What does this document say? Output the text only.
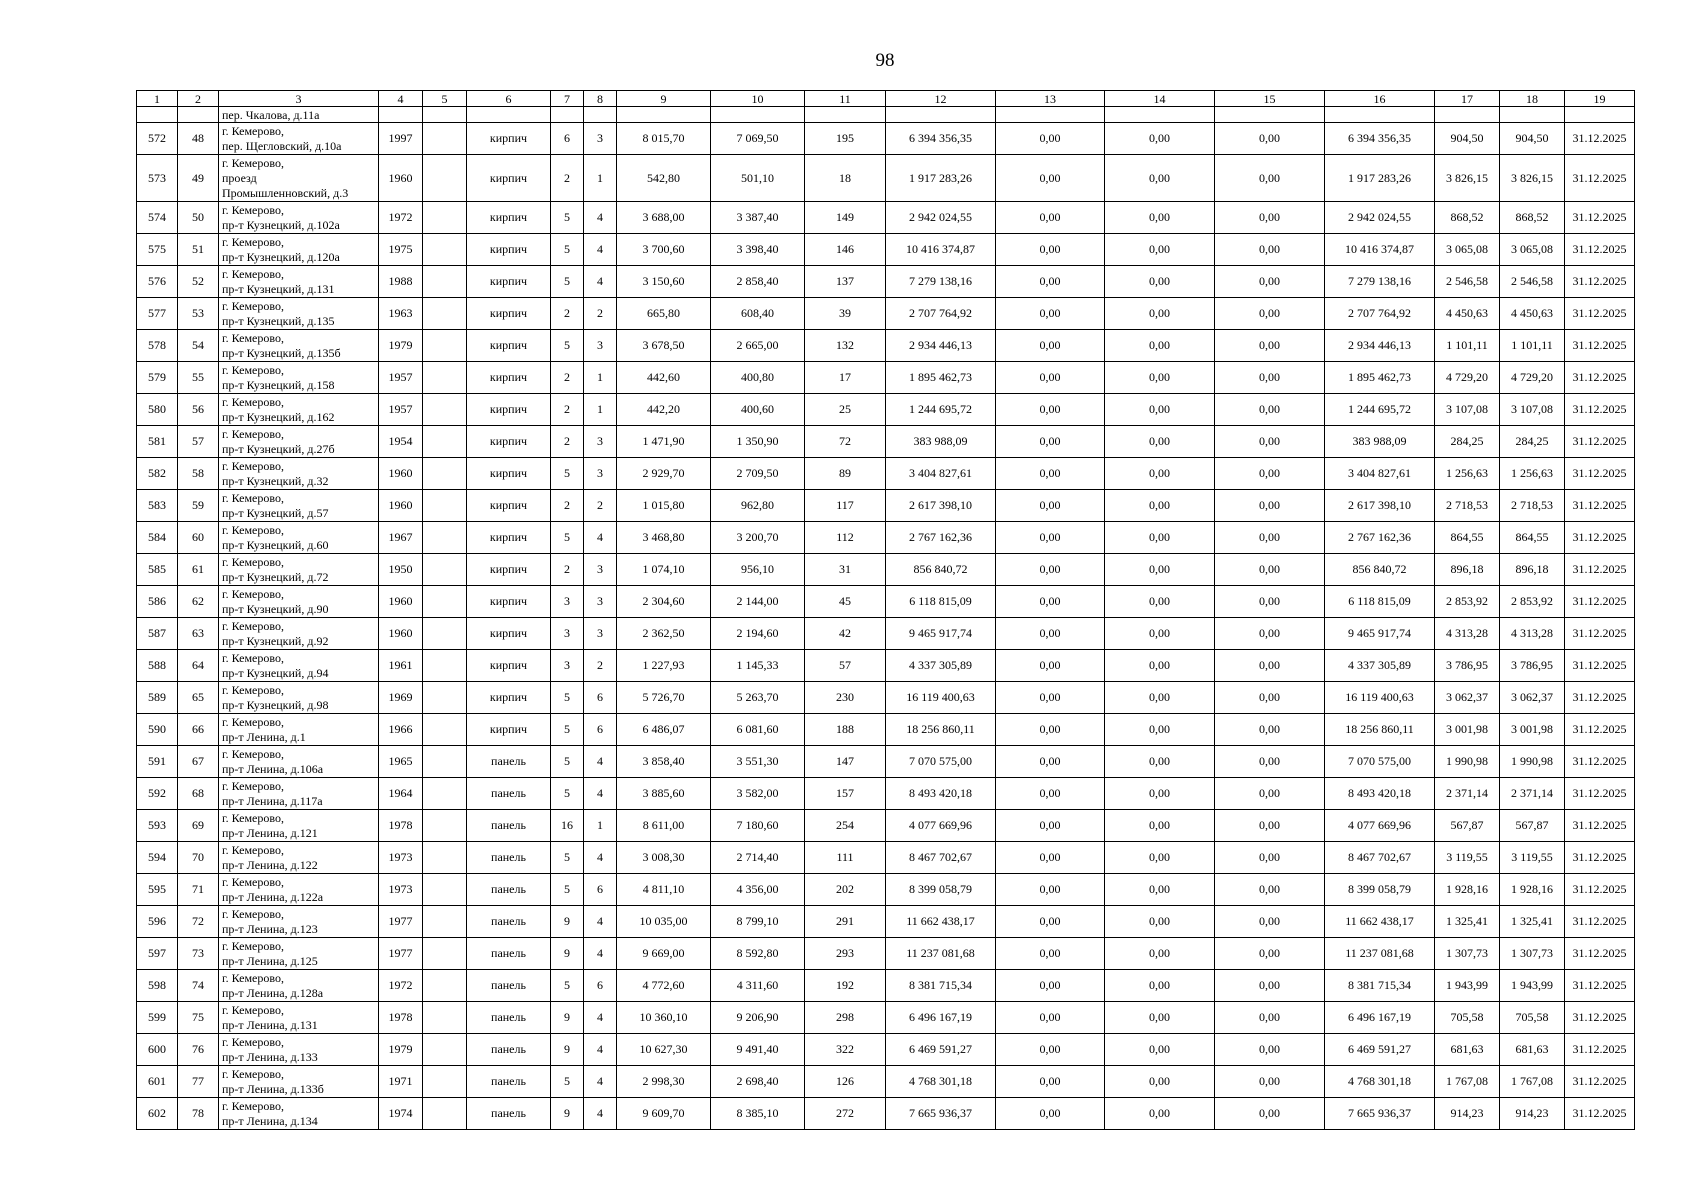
98
1	2	3	4	5	6	7	8	9	10	11	12	13	14	15	16	17	18	19
		пер. Чкалова, д.11а																
572	48	г. Кемерово,
пер. Щегловский, д.10а	1997		кирпич	6	3	8 015,70	7 069,50	195	6 394 356,35	0,00	0,00	0,00	6 394 356,35	904,50	904,50	31.12.2025
573	49	г. Кемерово,
проезд
Промышленновский, д.3	1960		кирпич	2	1	542,80	501,10	18	1 917 283,26	0,00	0,00	0,00	1 917 283,26	3 826,15	3 826,15	31.12.2025
574	50	г. Кемерово,
пр-т Кузнецкий, д.102а	1972		кирпич	5	4	3 688,00	3 387,40	149	2 942 024,55	0,00	0,00	0,00	2 942 024,55	868,52	868,52	31.12.2025
575	51	г. Кемерово,
пр-т Кузнецкий, д.120а	1975		кирпич	5	4	3 700,60	3 398,40	146	10 416 374,87	0,00	0,00	0,00	10 416 374,87	3 065,08	3 065,08	31.12.2025
576	52	г. Кемерово,
пр-т Кузнецкий, д.131	1988		кирпич	5	4	3 150,60	2 858,40	137	7 279 138,16	0,00	0,00	0,00	7 279 138,16	2 546,58	2 546,58	31.12.2025
577	53	г. Кемерово,
пр-т Кузнецкий, д.135	1963		кирпич	2	2	665,80	608,40	39	2 707 764,92	0,00	0,00	0,00	2 707 764,92	4 450,63	4 450,63	31.12.2025
578	54	г. Кемерово,
пр-т Кузнецкий, д.135б	1979		кирпич	5	3	3 678,50	2 665,00	132	2 934 446,13	0,00	0,00	0,00	2 934 446,13	1 101,11	1 101,11	31.12.2025
579	55	г. Кемерово,
пр-т Кузнецкий, д.158	1957		кирпич	2	1	442,60	400,80	17	1 895 462,73	0,00	0,00	0,00	1 895 462,73	4 729,20	4 729,20	31.12.2025
580	56	г. Кемерово,
пр-т Кузнецкий, д.162	1957		кирпич	2	1	442,20	400,60	25	1 244 695,72	0,00	0,00	0,00	1 244 695,72	3 107,08	3 107,08	31.12.2025
581	57	г. Кемерово,
пр-т Кузнецкий, д.27б	1954		кирпич	2	3	1 471,90	1 350,90	72	383 988,09	0,00	0,00	0,00	383 988,09	284,25	284,25	31.12.2025
582	58	г. Кемерово,
пр-т Кузнецкий, д.32	1960		кирпич	5	3	2 929,70	2 709,50	89	3 404 827,61	0,00	0,00	0,00	3 404 827,61	1 256,63	1 256,63	31.12.2025
583	59	г. Кемерово,
пр-т Кузнецкий, д.57	1960		кирпич	2	2	1 015,80	962,80	117	2 617 398,10	0,00	0,00	0,00	2 617 398,10	2 718,53	2 718,53	31.12.2025
584	60	г. Кемерово,
пр-т Кузнецкий, д.60	1967		кирпич	5	4	3 468,80	3 200,70	112	2 767 162,36	0,00	0,00	0,00	2 767 162,36	864,55	864,55	31.12.2025
585	61	г. Кемерово,
пр-т Кузнецкий, д.72	1950		кирпич	2	3	1 074,10	956,10	31	856 840,72	0,00	0,00	0,00	856 840,72	896,18	896,18	31.12.2025
586	62	г. Кемерово,
пр-т Кузнецкий, д.90	1960		кирпич	3	3	2 304,60	2 144,00	45	6 118 815,09	0,00	0,00	0,00	6 118 815,09	2 853,92	2 853,92	31.12.2025
587	63	г. Кемерово,
пр-т Кузнецкий, д.92	1960		кирпич	3	3	2 362,50	2 194,60	42	9 465 917,74	0,00	0,00	0,00	9 465 917,74	4 313,28	4 313,28	31.12.2025
588	64	г. Кемерово,
пр-т Кузнецкий, д.94	1961		кирпич	3	2	1 227,93	1 145,33	57	4 337 305,89	0,00	0,00	0,00	4 337 305,89	3 786,95	3 786,95	31.12.2025
589	65	г. Кемерово,
пр-т Кузнецкий, д.98	1969		кирпич	5	6	5 726,70	5 263,70	230	16 119 400,63	0,00	0,00	0,00	16 119 400,63	3 062,37	3 062,37	31.12.2025
590	66	г. Кемерово,
пр-т Ленина, д.1	1966		кирпич	5	6	6 486,07	6 081,60	188	18 256 860,11	0,00	0,00	0,00	18 256 860,11	3 001,98	3 001,98	31.12.2025
591	67	г. Кемерово,
пр-т Ленина, д.106а	1965		панель	5	4	3 858,40	3 551,30	147	7 070 575,00	0,00	0,00	0,00	7 070 575,00	1 990,98	1 990,98	31.12.2025
592	68	г. Кемерово,
пр-т Ленина, д.117а	1964		панель	5	4	3 885,60	3 582,00	157	8 493 420,18	0,00	0,00	0,00	8 493 420,18	2 371,14	2 371,14	31.12.2025
593	69	г. Кемерово,
пр-т Ленина, д.121	1978		панель	16	1	8 611,00	7 180,60	254	4 077 669,96	0,00	0,00	0,00	4 077 669,96	567,87	567,87	31.12.2025
594	70	г. Кемерово,
пр-т Ленина, д.122	1973		панель	5	4	3 008,30	2 714,40	111	8 467 702,67	0,00	0,00	0,00	8 467 702,67	3 119,55	3 119,55	31.12.2025
595	71	г. Кемерово,
пр-т Ленина, д.122а	1973		панель	5	6	4 811,10	4 356,00	202	8 399 058,79	0,00	0,00	0,00	8 399 058,79	1 928,16	1 928,16	31.12.2025
596	72	г. Кемерово,
пр-т Ленина, д.123	1977		панель	9	4	10 035,00	8 799,10	291	11 662 438,17	0,00	0,00	0,00	11 662 438,17	1 325,41	1 325,41	31.12.2025
597	73	г. Кемерово,
пр-т Ленина, д.125	1977		панель	9	4	9 669,00	8 592,80	293	11 237 081,68	0,00	0,00	0,00	11 237 081,68	1 307,73	1 307,73	31.12.2025
598	74	г. Кемерово,
пр-т Ленина, д.128а	1972		панель	5	6	4 772,60	4 311,60	192	8 381 715,34	0,00	0,00	0,00	8 381 715,34	1 943,99	1 943,99	31.12.2025
599	75	г. Кемерово,
пр-т Ленина, д.131	1978		панель	9	4	10 360,10	9 206,90	298	6 496 167,19	0,00	0,00	0,00	6 496 167,19	705,58	705,58	31.12.2025
600	76	г. Кемерово,
пр-т Ленина, д.133	1979		панель	9	4	10 627,30	9 491,40	322	6 469 591,27	0,00	0,00	0,00	6 469 591,27	681,63	681,63	31.12.2025
601	77	г. Кемерово,
пр-т Ленина, д.133б	1971		панель	5	4	2 998,30	2 698,40	126	4 768 301,18	0,00	0,00	0,00	4 768 301,18	1 767,08	1 767,08	31.12.2025
602	78	г. Кемерово,
пр-т Ленина, д.134	1974		панель	9	4	9 609,70	8 385,10	272	7 665 936,37	0,00	0,00	0,00	7 665 936,37	914,23	914,23	31.12.2025
